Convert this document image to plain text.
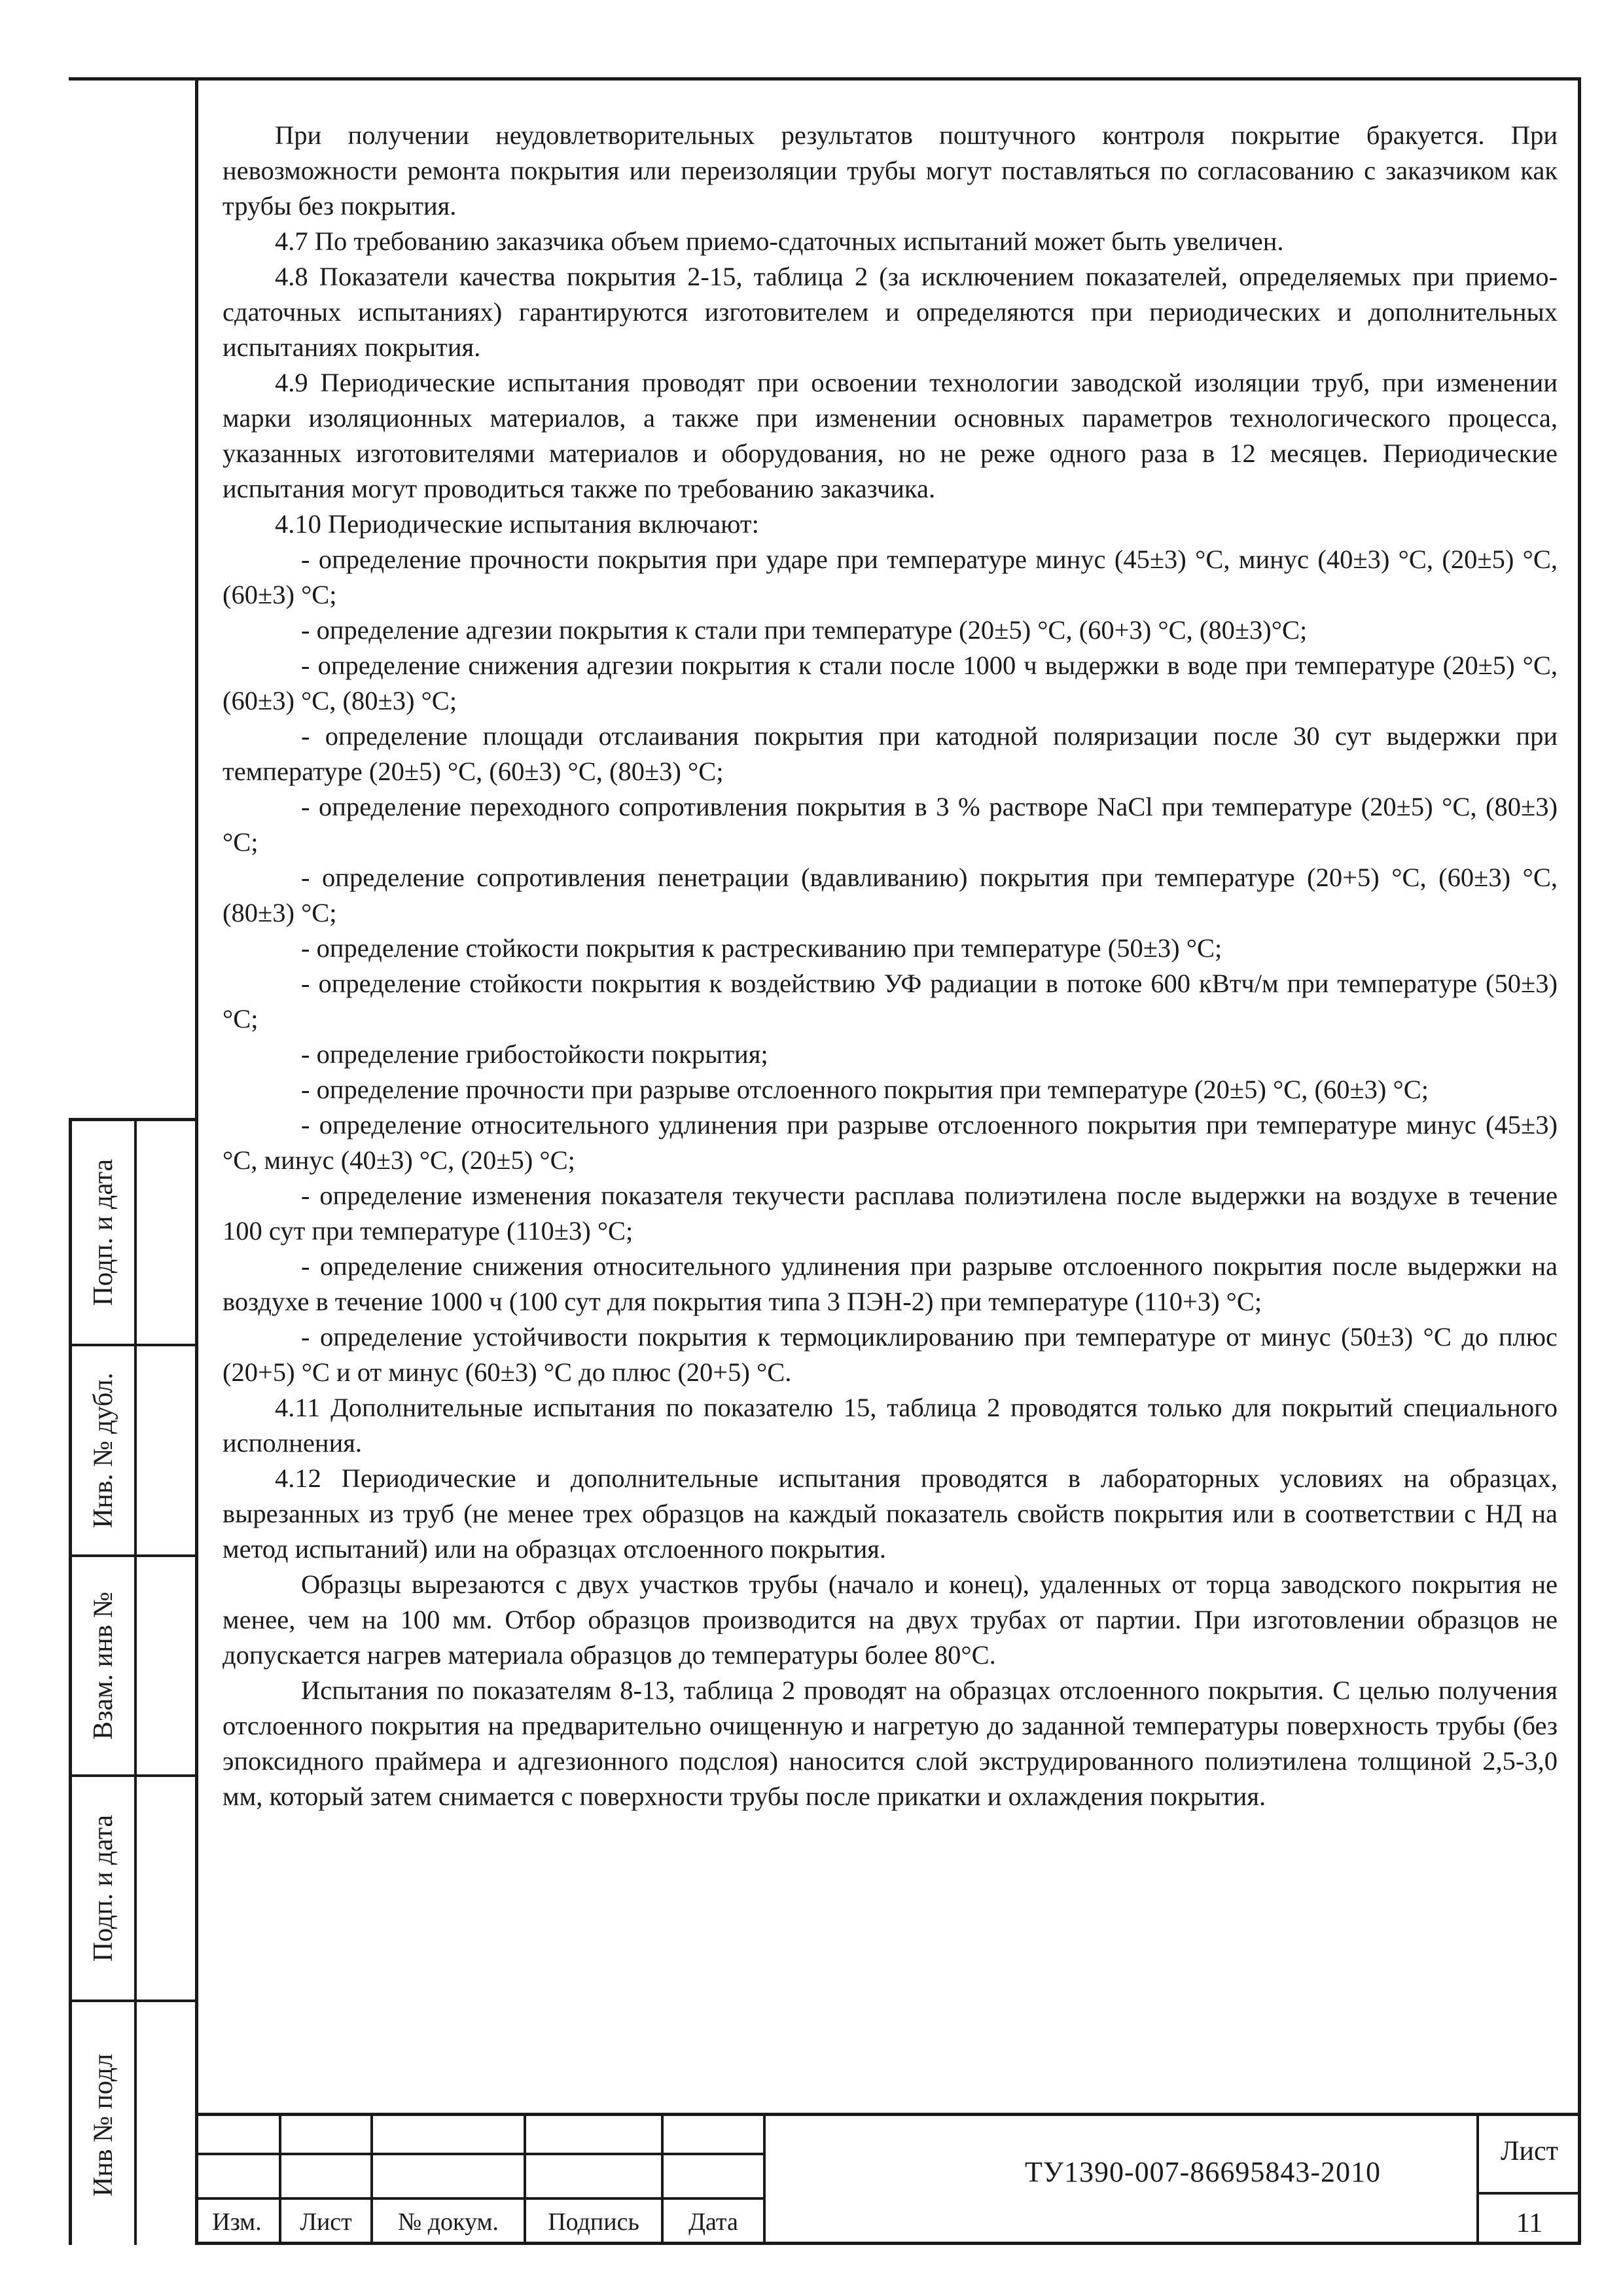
При получении неудовлетворительных результатов поштучного контроля покрытие бракуется. При невозможности ремонта покрытия или переизоляции трубы могут поставляться по согласованию с заказчиком как трубы без покрытия.

4.7 По требованию заказчика объем приемо-сдаточных испытаний может быть увеличен.

4.8 Показатели качества покрытия 2-15, таблица 2 (за исключением показателей, определяемых при приемо-сдаточных испытаниях) гарантируются изготовителем и определяются при периодических и дополнительных испытаниях покрытия.

4.9 Периодические испытания проводят при освоении технологии заводской изоляции труб, при изменении марки изоляционных материалов, а также при изменении основных параметров технологического процесса, указанных изготовителями материалов и оборудования, но не реже одного раза в 12 месяцев. Периодические испытания могут проводиться также по требованию заказчика.

4.10 Периодические испытания включают:

- определение прочности покрытия при ударе при температуре минус (45±3) °С, минус (40±3) °С, (20±5) °С, (60±3) °С;

- определение адгезии покрытия к стали при температуре (20±5) °С, (60+3) °С, (80±3)°С;

- определение снижения адгезии покрытия к стали после 1000 ч выдержки в воде при температуре (20±5) °С, (60±3) °С, (80±3) °С;

- определение площади отслаивания покрытия при катодной поляризации после 30 сут выдержки при температуре (20±5) °С, (60±3) °С, (80±3) °С;

- определение переходного сопротивления покрытия в 3 % растворе NaCl при температуре (20±5) °С, (80±3) °С;

- определение сопротивления пенетрации (вдавливанию) покрытия при температуре (20+5) °С, (60±3) °С, (80±3) °С;

- определение стойкости покрытия к растрескиванию при температуре (50±3) °С;

- определение стойкости покрытия к воздействию УФ радиации в потоке 600 кВтч/м при температуре (50±3) °С;

- определение грибостойкости покрытия;

- определение прочности при разрыве отслоенного покрытия при температуре (20±5) °С, (60±3) °С;

- определение относительного удлинения при разрыве отслоенного покрытия при температуре минус (45±3) °С, минус (40±3) °С, (20±5) °С;

- определение изменения показателя текучести расплава полиэтилена после выдержки на воздухе в течение 100 сут при температуре (110±3) °С;

- определение снижения относительного удлинения при разрыве отслоенного покрытия после выдержки на воздухе в течение 1000 ч (100 сут для покрытия типа 3 ПЭН-2) при температуре (110+3) °С;

- определение устойчивости покрытия к термоциклированию при температуре от минус (50±3) °С до плюс (20+5) °С и от минус (60±3) °С до плюс (20+5) °С.

4.11 Дополнительные испытания по показателю 15, таблица 2 проводятся только для покрытий специального исполнения.

4.12 Периодические и дополнительные испытания проводятся в лабораторных условиях на образцах, вырезанных из труб (не менее трех образцов на каждый показатель свойств покрытия или в соответствии с НД на метод испытаний) или на образцах отслоенного покрытия.

Образцы вырезаются с двух участков трубы (начало и конец), удаленных от торца заводского покрытия не менее, чем на 100 мм. Отбор образцов производится на двух трубах от партии. При изготовлении образцов не допускается нагрев материала образцов до температуры более 80°С.

Испытания по показателям 8-13, таблица 2 проводят на образцах отслоенного покрытия. С целью получения отслоенного покрытия на предварительно очищенную и нагретую до заданной температуры поверхность трубы (без эпоксидного праймера и адгезионного подслоя) наносится слой экструдированного полиэтилена толщиной 2,5-3,0 мм, который затем снимается с поверхности трубы после прикатки и охлаждения покрытия.

Подп. и дата
Инв. № дубл.
Взам. инв №
Подп. и дата
Инв № подл
Изм.	Лист	№ докум.	Подпись	Дата
ТУ1390-007-86695843-2010
Лист
11
